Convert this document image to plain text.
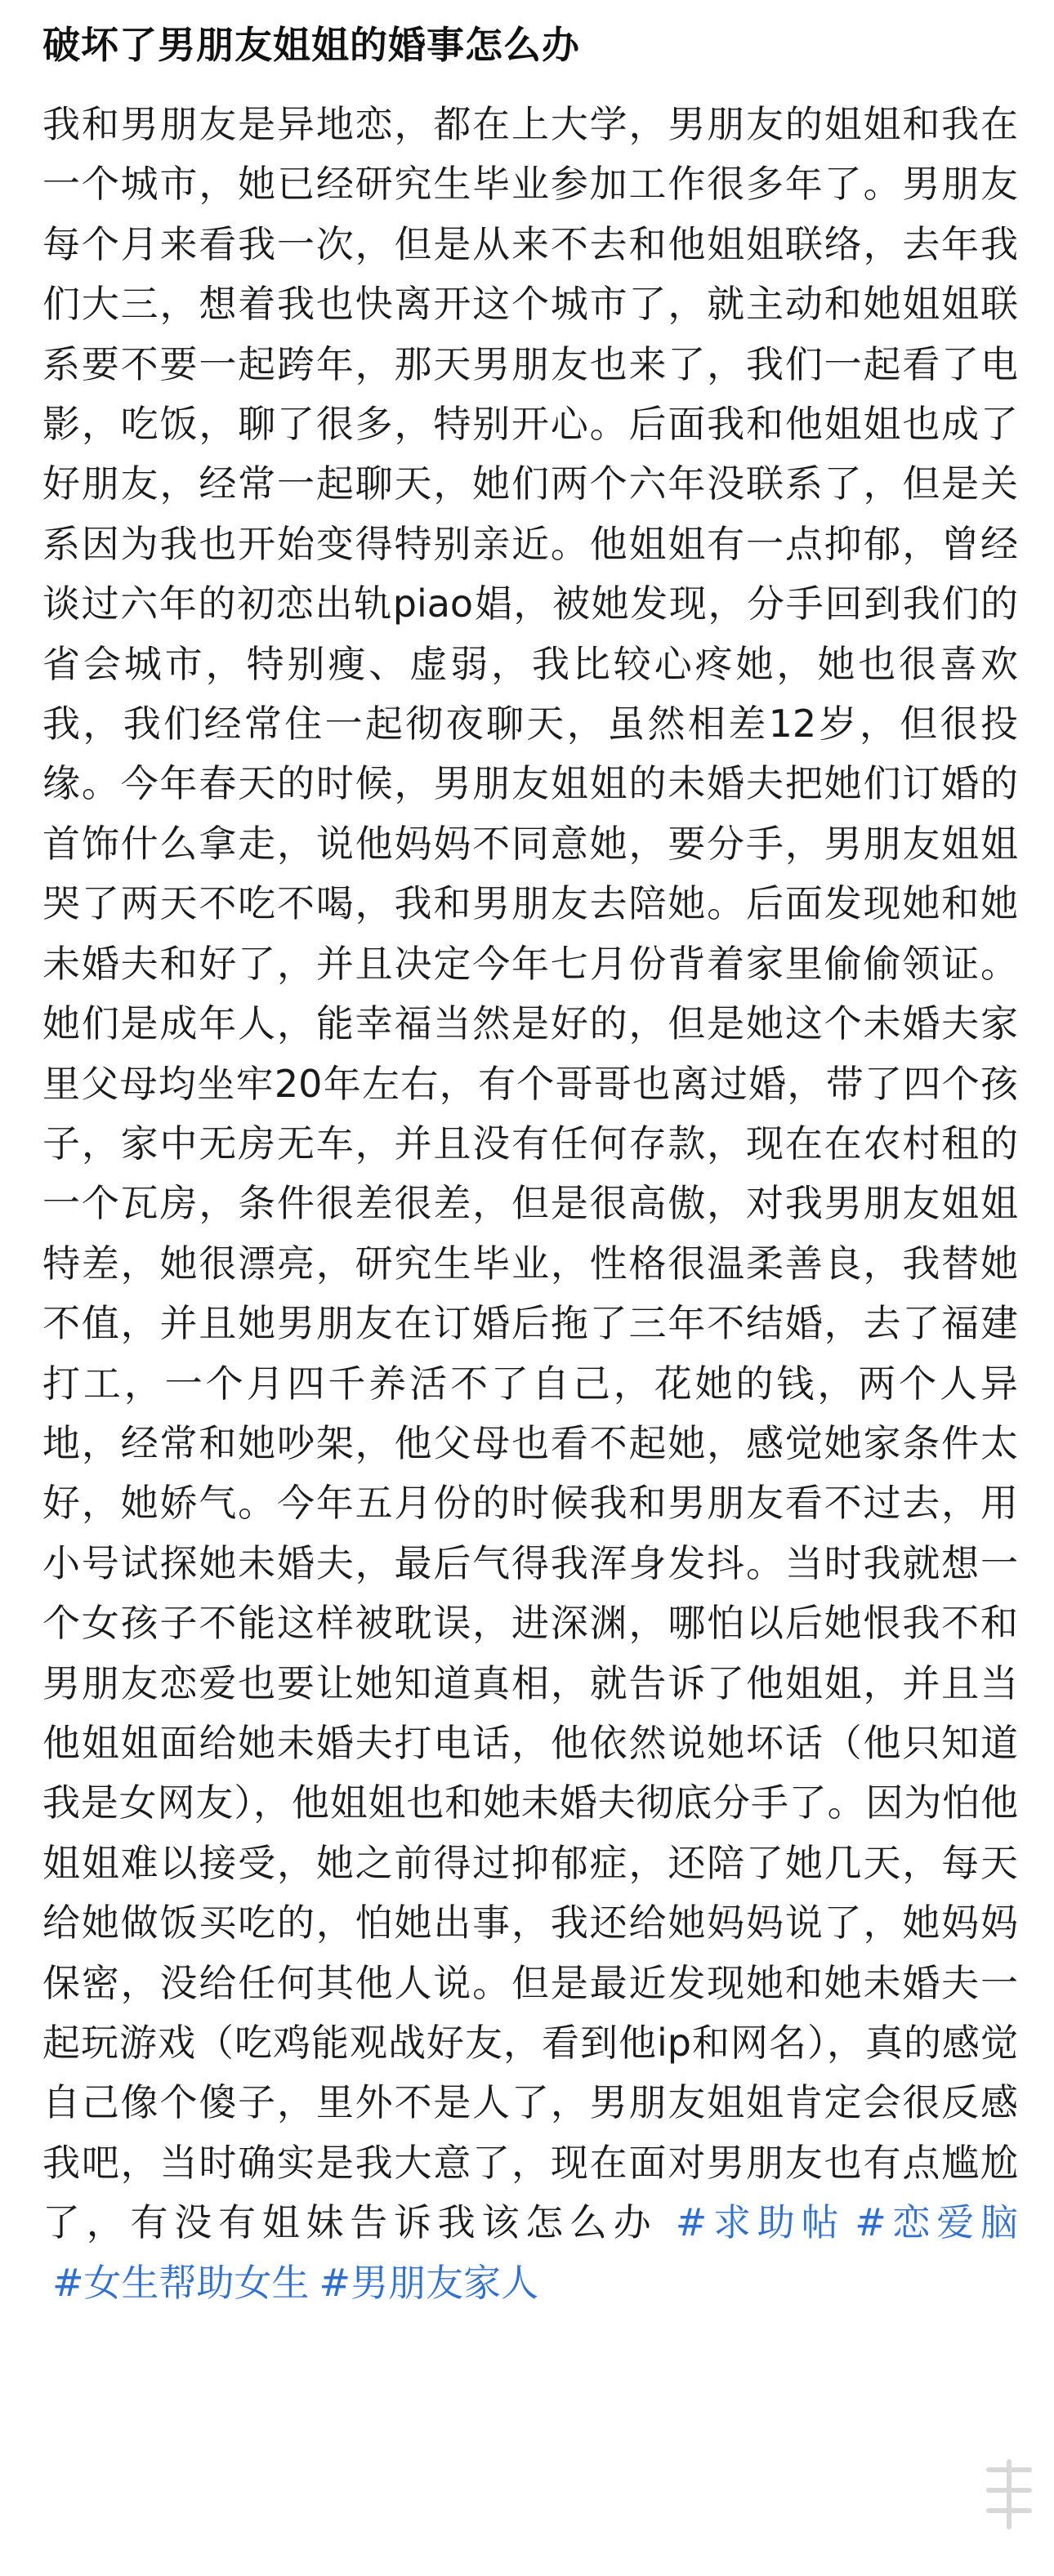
破坏了男朋友姐姐的婚事怎么办

我和男朋友是异地恋，都在上大学，男朋友的姐姐和我在一个城市，她已经研究生毕业参加工作很多年了。男朋友每个月来看我一次，但是从来不去和他姐姐联络，去年我们大三，想着我也快离开这个城市了，就主动和她姐姐联系要不要一起跨年，那天男朋友也来了，我们一起看了电影，吃饭，聊了很多，特别开心。后面我和他姐姐也成了好朋友，经常一起聊天，她们两个六年没联系了，但是关系因为我也开始变得特别亲近。他姐姐有一点抑郁，曾经谈过六年的初恋出轨piao娼，被她发现，分手回到我们的省会城市，特别瘦、虚弱，我比较心疼她，她也很喜欢我，我们经常住一起彻夜聊天，虽然相差12岁，但很投缘。今年春天的时候，男朋友姐姐的未婚夫把她们订婚的首饰什么拿走，说他妈妈不同意她，要分手，男朋友姐姐哭了两天不吃不喝，我和男朋友去陪她。后面发现她和她未婚夫和好了，并且决定今年七月份背着家里偷偷领证。她们是成年人，能幸福当然是好的，但是她这个未婚夫家里父母均坐牢20年左右，有个哥哥也离过婚，带了四个孩子，家中无房无车，并且没有任何存款，现在在农村租的一个瓦房，条件很差很差，但是很高傲，对我男朋友姐姐特差，她很漂亮，研究生毕业，性格很温柔善良，我替她不值，并且她男朋友在订婚后拖了三年不结婚，去了福建打工，一个月四千养活不了自己，花她的钱，两个人异地，经常和她吵架，他父母也看不起她，感觉她家条件太好，她娇气。今年五月份的时候我和男朋友看不过去，用小号试探她未婚夫，最后气得我浑身发抖。当时我就想一个女孩子不能这样被耽误，进深渊，哪怕以后她恨我不和男朋友恋爱也要让她知道真相，就告诉了他姐姐，并且当他姐姐面给她未婚夫打电话，他依然说她坏话（他只知道我是女网友），他姐姐也和她未婚夫彻底分手了。因为怕他姐姐难以接受，她之前得过抑郁症，还陪了她几天，每天给她做饭买吃的，怕她出事，我还给她妈妈说了，她妈妈保密，没给任何其他人说。但是最近发现她和她未婚夫一起玩游戏（吃鸡能观战好友，看到他ip和网名），真的感觉自己像个傻子，里外不是人了，男朋友姐姐肯定会很反感我吧，当时确实是我大意了，现在面对男朋友也有点尴尬了，有没有姐妹告诉我该怎么办 #求助帖 #恋爱脑#女生帮助女生 #男朋友家人
